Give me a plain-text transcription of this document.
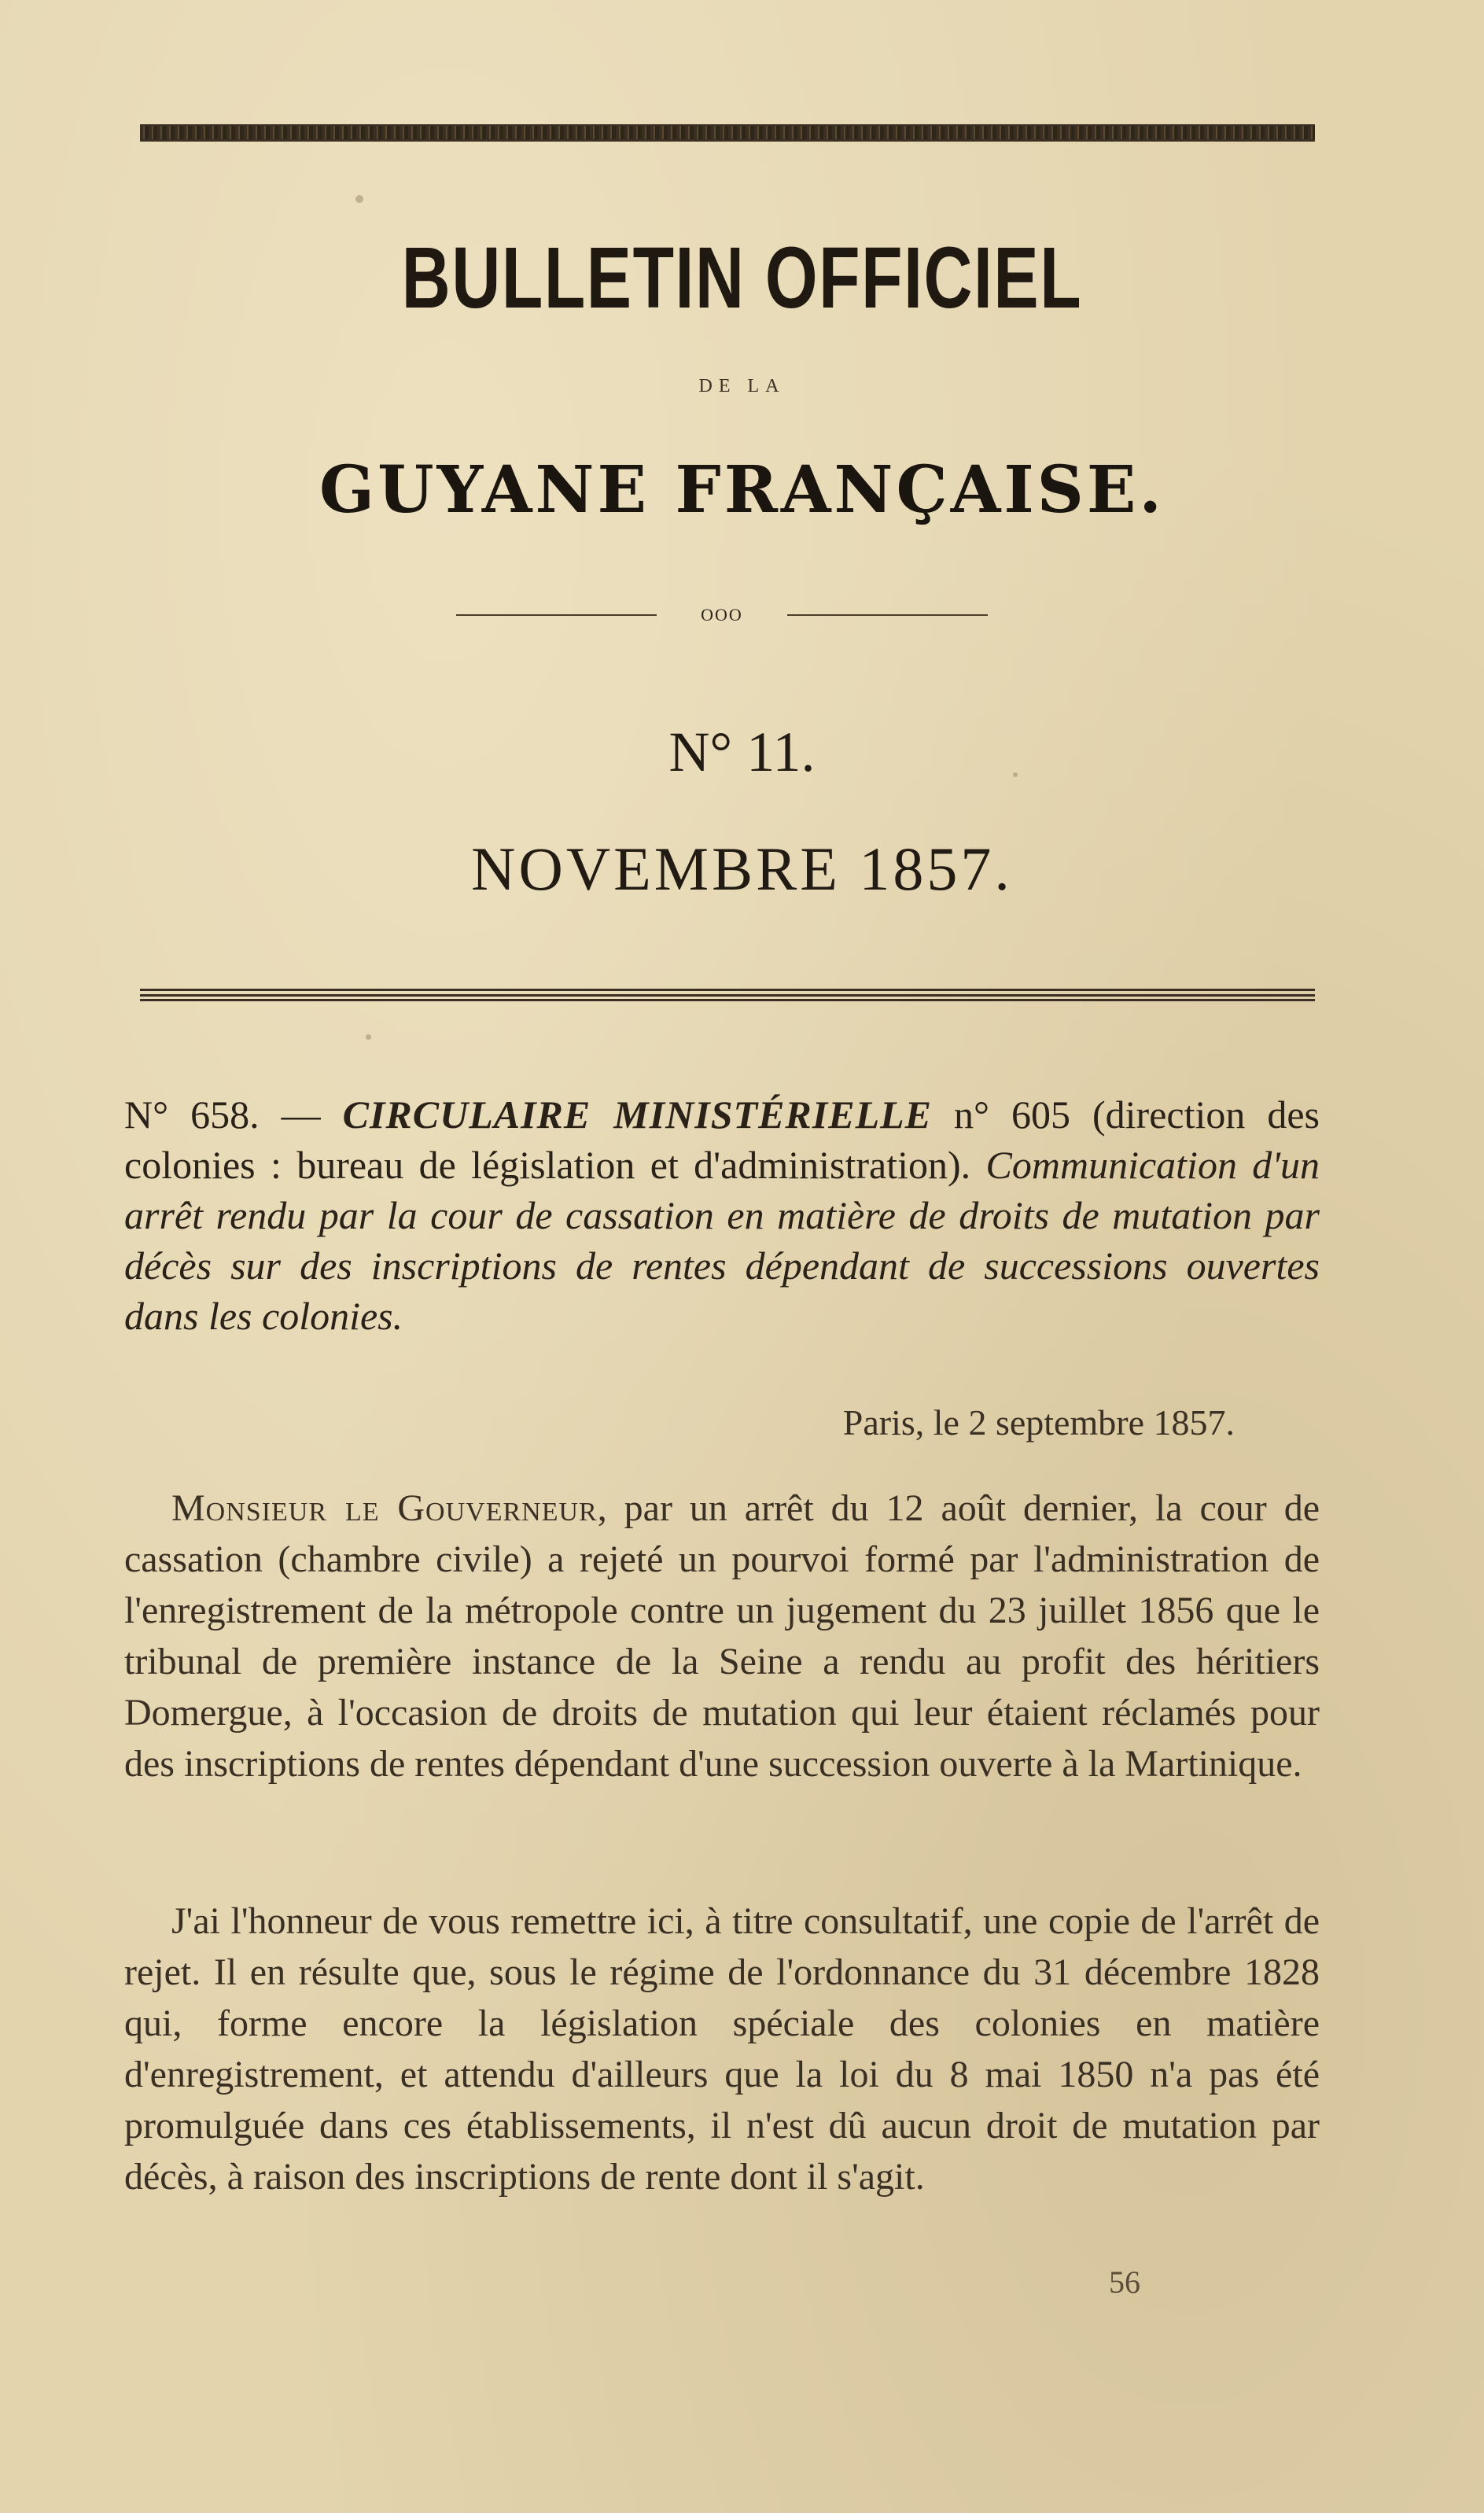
BULLETIN OFFICIEL
DE LA
GUYANE FRANÇAISE.
OOO
N° 11.
NOVEMBRE 1857.
N° 658. — CIRCULAIRE MINISTÉRIELLE n° 605 (direction des colonies : bureau de législation et d'administration). Communication d'un arrêt rendu par la cour de cassation en matière de droits de mutation par décès sur des inscriptions de rentes dépendant de successions ouvertes dans les colonies.
Paris, le 2 septembre 1857.
Monsieur le Gouverneur, par un arrêt du 12 août dernier, la cour de cassation (chambre civile) a rejeté un pourvoi formé par l'administration de l'enregistrement de la métropole contre un jugement du 23 juillet 1856 que le tribunal de première instance de la Seine a rendu au profit des héritiers Domergue, à l'occasion de droits de mutation qui leur étaient réclamés pour des inscriptions de rentes dépendant d'une succession ouverte à la Martinique.
J'ai l'honneur de vous remettre ici, à titre consultatif, une copie de l'arrêt de rejet. Il en résulte que, sous le régime de l'ordonnance du 31 décembre 1828 qui, forme encore la législation spéciale des colonies en matière d'enregistrement, et attendu d'ailleurs que la loi du 8 mai 1850 n'a pas été promulguée dans ces établissements, il n'est dû aucun droit de mutation par décès, à raison des inscriptions de rente dont il s'agit.
56
